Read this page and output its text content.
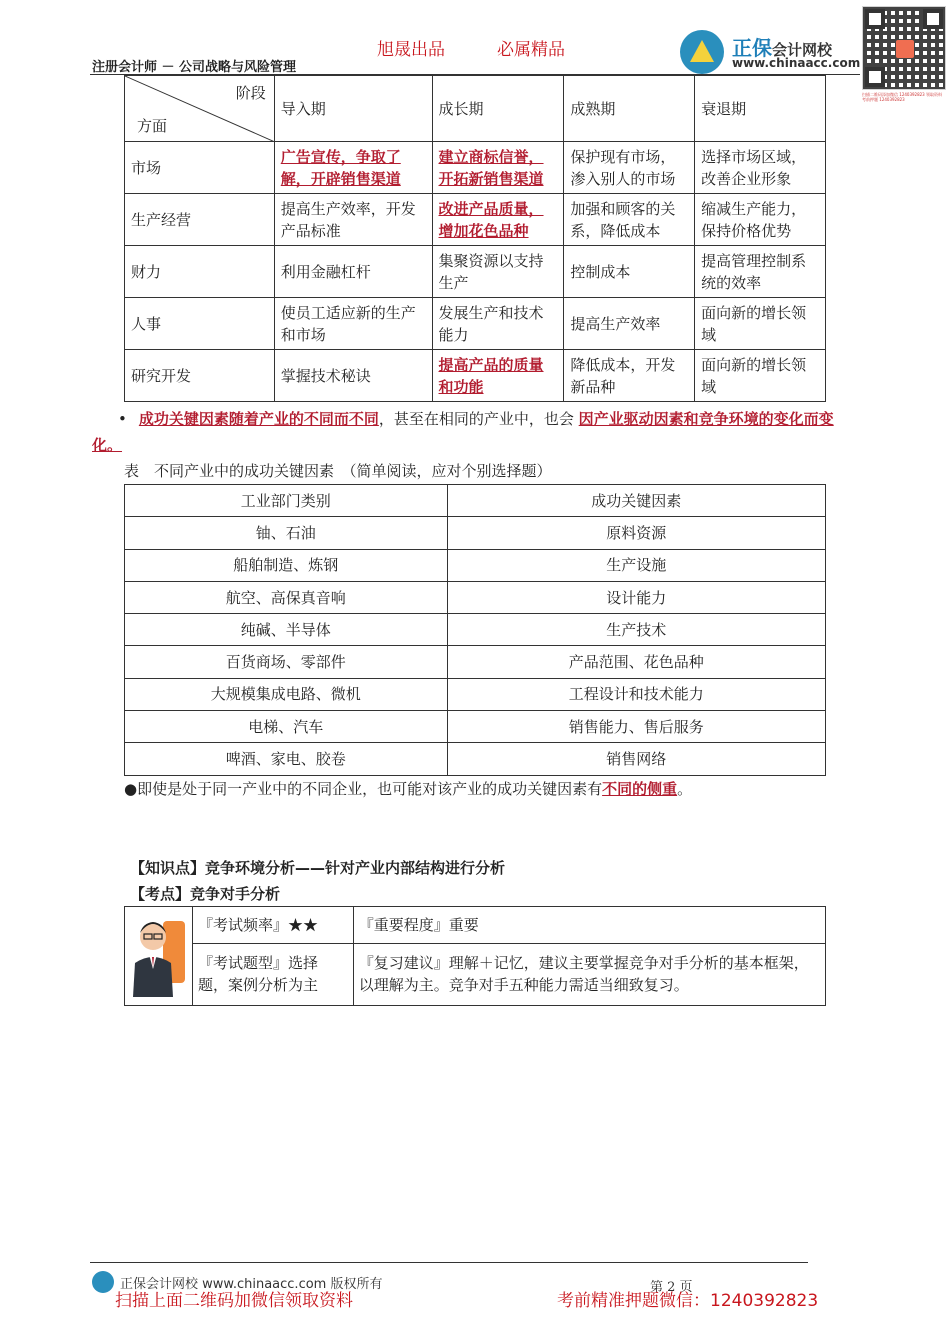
旭晟出品	必属精品
注册会计师 － 公司战略与风险管理
正保会计网校
www.chinaacc.com
扫描二维码添加微信 1240392823 领取资料 考前押题 1240392823
阶段
方面	导入期	成长期	成熟期	衰退期
市场	广告宣传，争取了解，开辟销售渠道	建立商标信誉，开拓新销售渠道	保护现有市场，渗入别人的市场	选择市场区域，改善企业形象
生产经营	提高生产效率，开发产品标准	改进产品质量，增加花色品种	加强和顾客的关系，降低成本	缩减生产能力，保持价格优势
财力	利用金融杠杆	集聚资源以支持生产	控制成本	提高管理控制系统的效率
人事	使员工适应新的生产和市场	发展生产和技术能力	提高生产效率	面向新的增长领域
研究开发	掌握技术秘诀	提高产品的质量和功能	降低成本，开发新品种	面向新的增长领域
• 成功关键因素随着产业的不同而不同，甚至在相同的产业中，也会 因产业驱动因素和竞争环境的变化而变化。
表　不同产业中的成功关键因素　（简单阅读，应对个别选择题）
工业部门类别	成功关键因素
铀、石油	原料资源
船舶制造、炼钢	生产设施
航空、高保真音响	设计能力
纯碱、半导体	生产技术
百货商场、零部件	产品范围、花色品种
大规模集成电路、微机	工程设计和技术能力
电梯、汽车	销售能力、售后服务
啤酒、家电、胶卷	销售网络
●即使是处于同一产业中的不同企业，也可能对该产业的成功关键因素有不同的侧重。
【知识点】竞争环境分析——针对产业内部结构进行分析
【考点】竞争对手分析
	『考试频率』★★	『重要程度』重要
	『考试题型』选择题，案例分析为主	『复习建议』理解＋记忆，建议主要掌握竞争对手分析的基本框架，以理解为主。竞争对手五种能力需适当细致复习。
正保会计网校 www.chinaacc.com 版权所有	第 2 页
扫描上面二维码加微信领取资料	考前精准押题微信：1240392823
